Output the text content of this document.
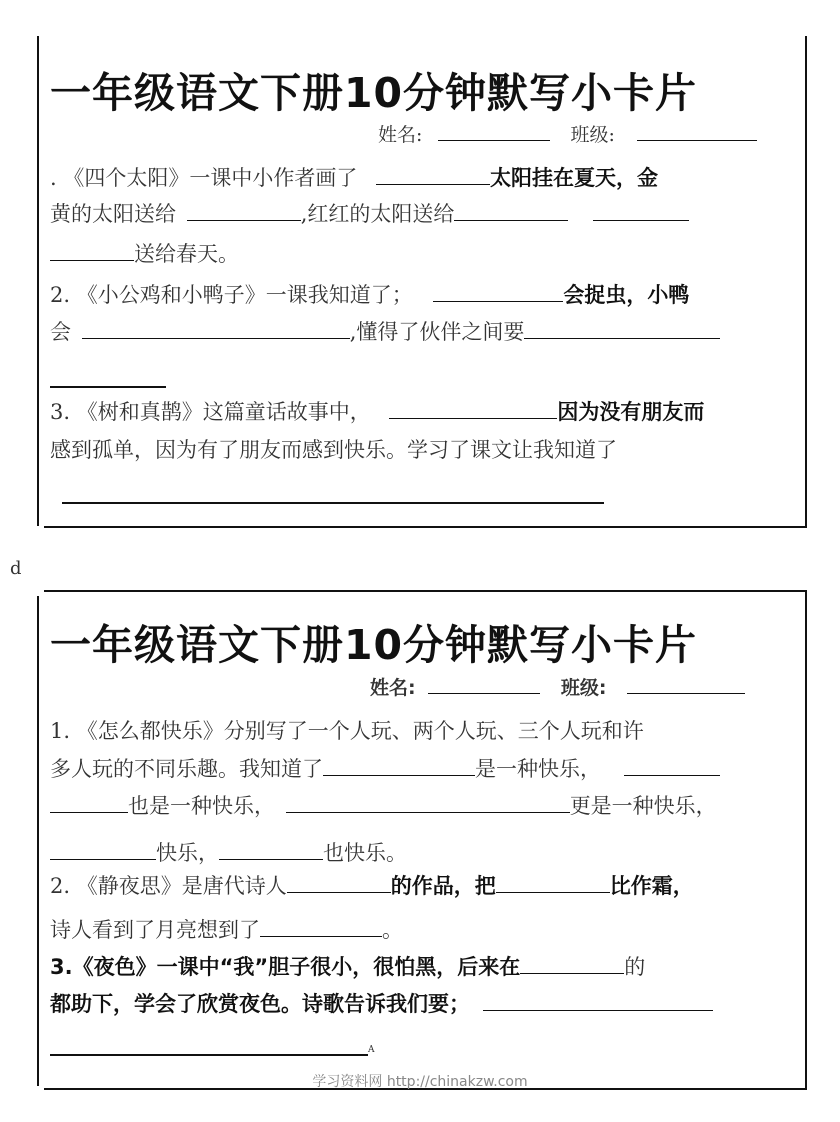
一年级语文下册10分钟默写小卡片
姓名:	班级:
. 《四个太阳》一课中小作者画了	太阳挂在夏天，金
黄的太阳送给	,红红的太阳送给
送给春天。
2. 《小公鸡和小鸭子》一课我知道了；	会捉虫，小鸭
会	,懂得了伙伴之间要
3. 《树和真鹊》这篇童话故事中，	因为没有朋友而
感到孤单，因为有了朋友而感到快乐。学习了课文让我知道了
d
一年级语文下册10分钟默写小卡片
姓名:	班级:
1. 《怎么都快乐》分别写了一个人玩、两个人玩、三个人玩和许
多人玩的不同乐趣。我知道了	是一种快乐，
也是一种快乐，	更是一种快乐，
快乐，	也快乐。
2. 《静夜思》是唐代诗人	的作品，把	比作霜，
诗人看到了月亮想到了	。
3.《夜色》一课中“我”胆子很小，很怕黑，后来在	的
都助下，学会了欣赏夜色。诗歌告诉我们要；
A
学习资料网 http://chinakzw.com
